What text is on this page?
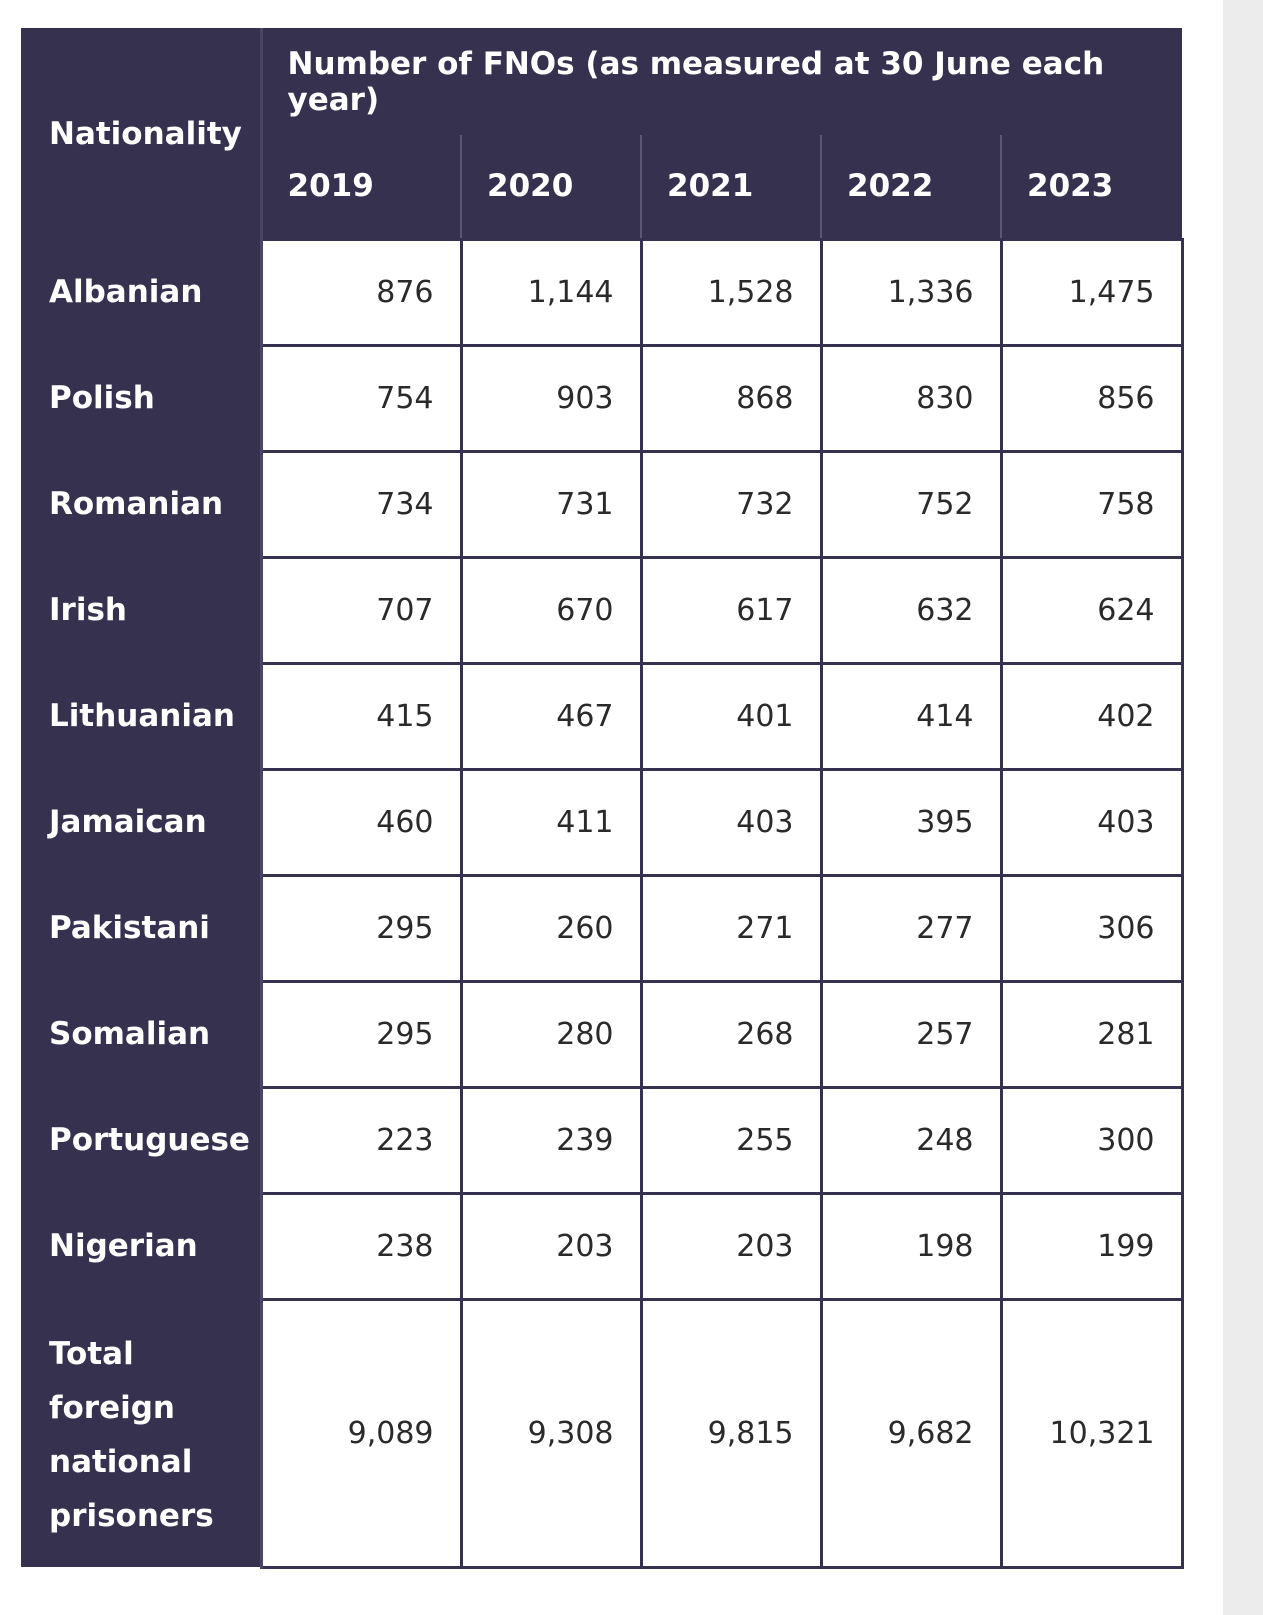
Nationality	Number of FNOs (as measured at 30 June each year)				
	2019	2020	2021	2022	2023
Albanian	876	1,144	1,528	1,336	1,475
Polish	754	903	868	830	856
Romanian	734	731	732	752	758
Irish	707	670	617	632	624
Lithuanian	415	467	401	414	402
Jamaican	460	411	403	395	403
Pakistani	295	260	271	277	306
Somalian	295	280	268	257	281
Portuguese	223	239	255	248	300
Nigerian	238	203	203	198	199
Total
foreign
national
prisoners	9,089	9,308	9,815	9,682	10,321
